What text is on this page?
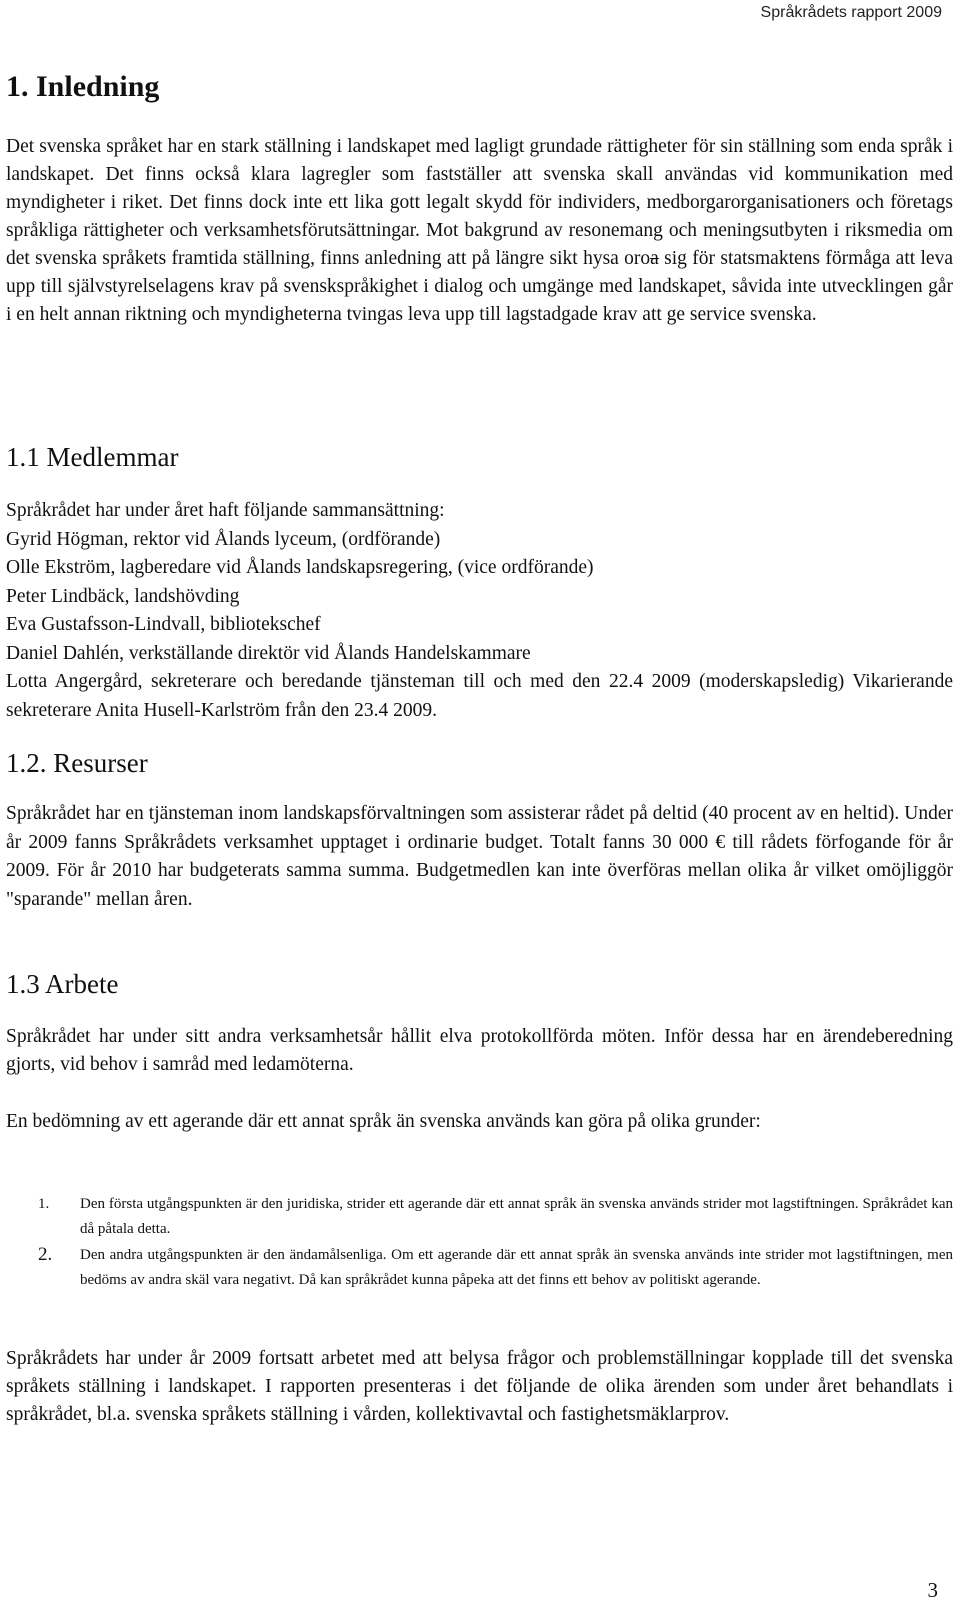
Språkrådets rapport 2009
1. Inledning

Det svenska språket har en stark ställning i landskapet med lagligt grundade rättigheter för sin ställning som enda språk i landskapet. Det finns också klara lagregler som fastställer att svenska skall användas vid kommunikation med myndigheter i riket. Det finns dock inte ett lika gott legalt skydd för individers, medborgarorganisationers och företags språkliga rättigheter och verksamhetsförutsättningar. Mot bakgrund av resonemang och meningsutbyten i riksmedia om det svenska språkets framtida ställning, finns anledning att på längre sikt hysa oroa sig för statsmaktens förmåga att leva upp till självstyrelselagens krav på svenskspråkighet i dialog och umgänge med landskapet, såvida inte utvecklingen går i en helt annan riktning och myndigheterna tvingas leva upp till lagstadgade krav att ge service svenska.

1.1 Medlemmar
Språkrådet har under året haft följande sammansättning:
Gyrid Högman, rektor vid Ålands lyceum, (ordförande)
Olle Ekström, lagberedare vid Ålands landskapsregering, (vice ordförande)
Peter Lindbäck, landshövding
Eva Gustafsson-Lindvall, bibliotekschef
Daniel Dahlén, verkställande direktör vid Ålands Handelskammare
Lotta Angergård, sekreterare och beredande tjänsteman till och med den 22.4 2009 (moderskapsledig) Vikarierande sekreterare Anita Husell-Karlström från den 23.4 2009.
1.2. Resurser

Språkrådet har en tjänsteman inom landskapsförvaltningen som assisterar rådet på deltid (40 procent av en heltid). Under år 2009 fanns Språkrådets verksamhet upptaget i ordinarie budget. Totalt fanns 30 000 € till rådets förfogande för år 2009. För år 2010 har budgeterats samma summa. Budgetmedlen kan inte överföras mellan olika år vilket omöjliggör "sparande" mellan åren.

1.3 Arbete

Språkrådet har under sitt andra verksamhetsår hållit elva protokollförda möten. Inför dessa har en ärendeberedning gjorts, vid behov i samråd med ledamöterna.

En bedömning av ett agerande där ett annat språk än svenska används kan göra på olika grunder:

1. Den första utgångspunkten är den juridiska, strider ett agerande där ett annat språk än svenska används strider mot lagstiftningen. Språkrådet kan då påtala detta.
2. Den andra utgångspunkten är den ändamålsenliga. Om ett agerande där ett annat språk än svenska används inte strider mot lagstiftningen, men bedöms av andra skäl vara negativt. Då kan språkrådet kunna påpeka att det finns ett behov av politiskt agerande.

Språkrådets har under år 2009 fortsatt arbetet med att belysa frågor och problemställningar kopplade till det svenska språkets ställning i landskapet. I rapporten presenteras i det följande de olika ärenden som under året behandlats i språkrådet, bl.a. svenska språkets ställning i vården, kollektivavtal och fastighetsmäklarprov.

3
